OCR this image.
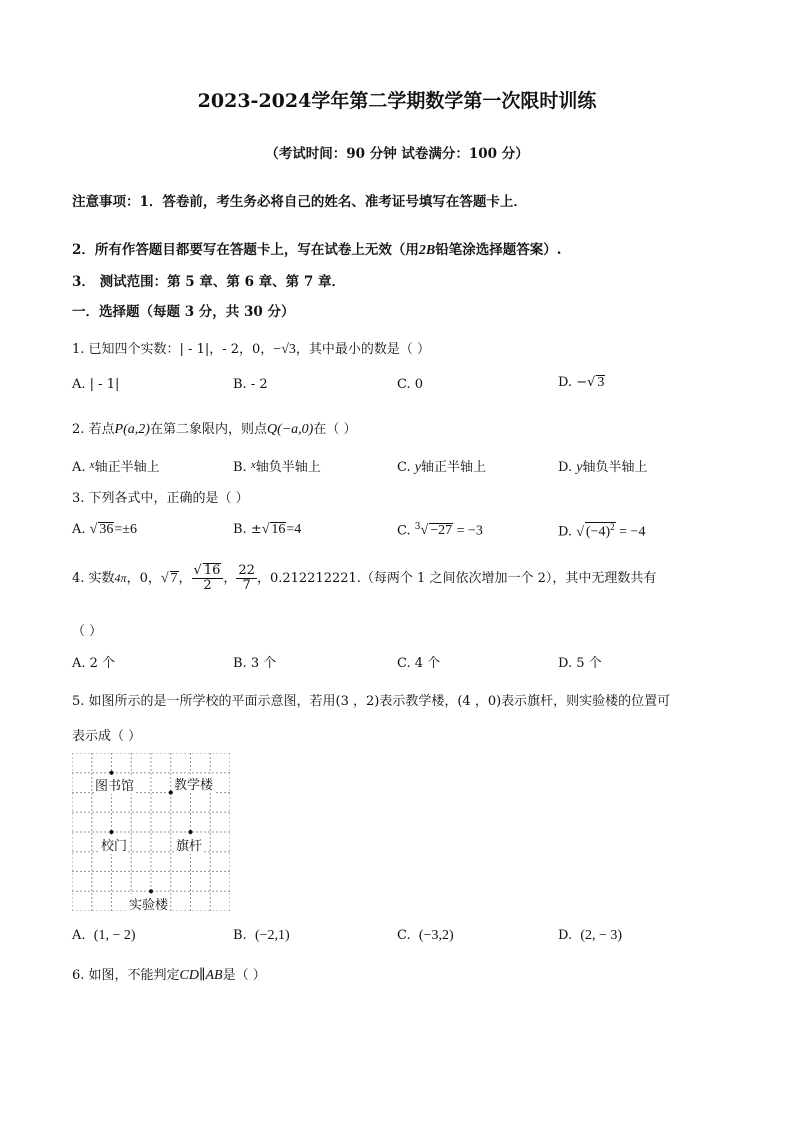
2023-2024学年第二学期数学第一次限时训练
（考试时间：90 分钟 试卷满分：100 分）
注意事项：1．答卷前，考生务必将自己的姓名、准考证号填写在答题卡上．
2．所有作答题目都要写在答题卡上，写在试卷上无效（用2B铅笔涂选择题答案）.
3． 测试范围：第 5 章、第 6 章、第 7 章．
一．选择题（每题 3 分，共 30 分）
1. 已知四个实数：| - 1|，- 2，0，−√3，其中最小的数是（ ）
A. | - 1|	B. - 2	C. 0	D. −√ 3
2. 若点P(a,2)在第二象限内，则点Q(−a,0)在（ ）
A. $^x$轴正半轴上	B. $^x$轴负半轴上	C. y轴正半轴上	D. y轴负半轴上
3. 下列各式中，正确的是（ ）
A. √ 36=±6	B. ±√ 16=4	C. $^3$√ −27 = −3	D. √ $(-4)^2 = -4$
4. 实数4π，0，√ 7， $\frac{√ 16}{2}$ ， $\frac{22}{7}$ ，0.212212221.（每两个 1 之间依次增加一个 2），其中无理数共有
（ ）
A. 2 个	B. 3 个	C. 4 个	D. 5 个
5. 如图所示的是一所学校的平面示意图，若用(3 ，2)表示教学楼，(4 ，0)表示旗杆，则实验楼的位置可
表示成（ ）
图书馆	教学楼
校门	旗杆
实验楼
A. (1, − 2)	B. (−2,1)	C. (−3,2)	D. (2, − 3)
6. 如图，不能判定CD∥AB是（ ）
